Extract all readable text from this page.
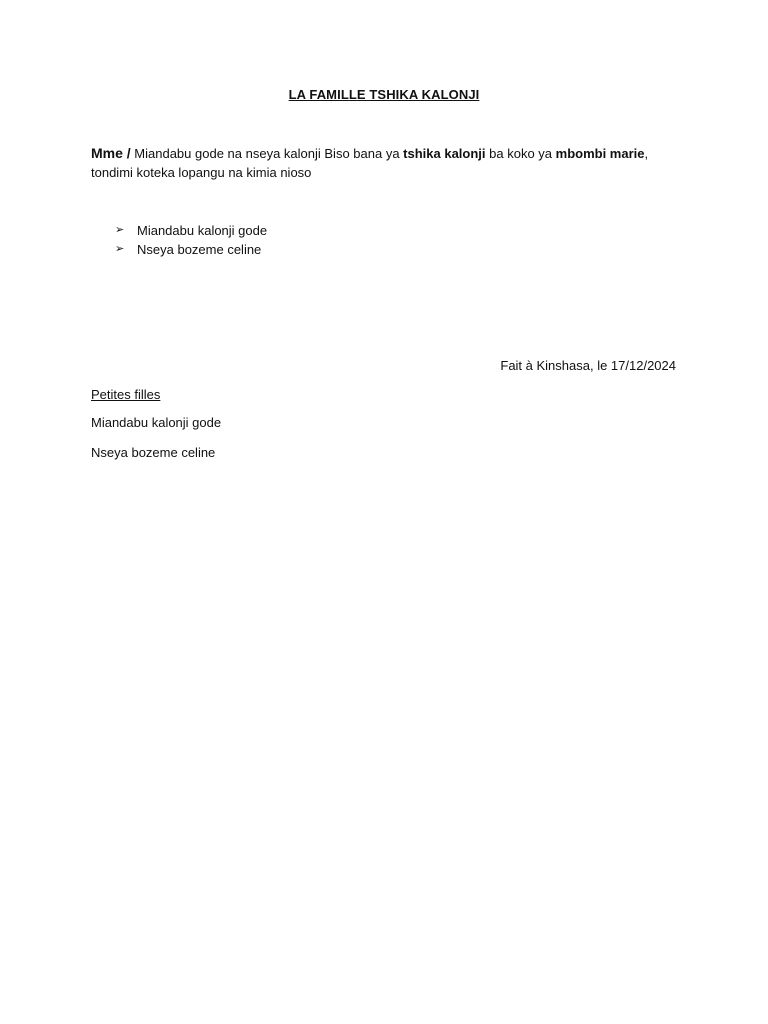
LA FAMILLE TSHIKA KALONJI
Mme / Miandabu gode na nseya kalonji Biso bana ya tshika kalonji ba koko ya mbombi marie, tondimi koteka lopangu na kimia nioso
➢ Miandabu kalonji gode
➢ Nseya bozeme celine
Fait à Kinshasa, le 17/12/2024
Petites filles
Miandabu kalonji gode
Nseya bozeme celine
